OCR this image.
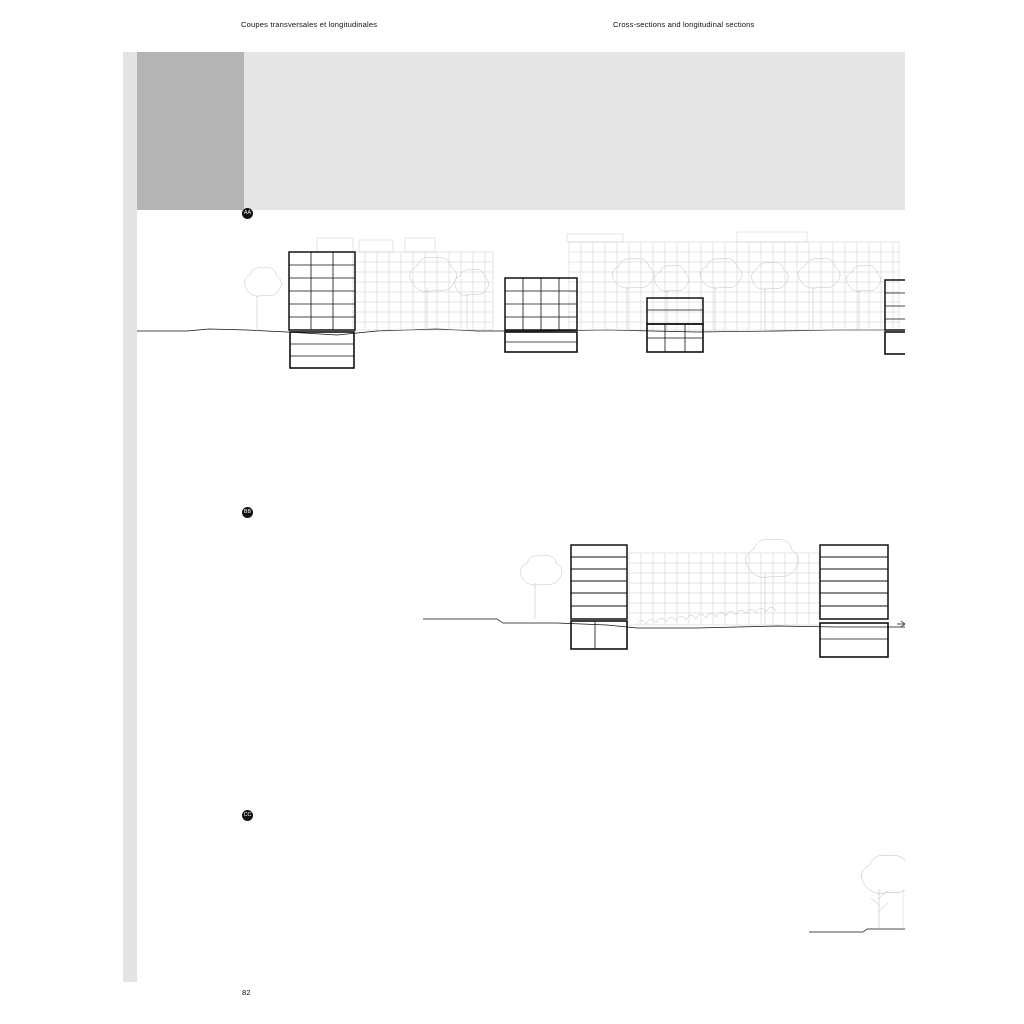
Coupes transversales et longitudinales	Cross-sections and longitudinal sections
AA
BB
CC
82
